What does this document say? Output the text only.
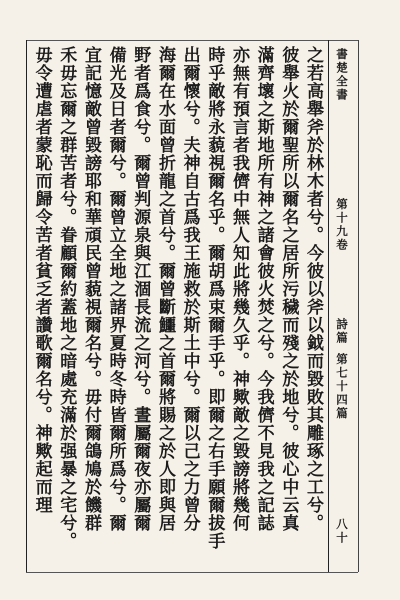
書楚全書
第十九卷
詩篇
第七十四篇
八十
之若高舉斧於林木者兮。今彼以斧以鉞而毀敗其雕琢之工兮。
彼舉火於爾聖所以爾名之居所污穢而殘之於地兮。彼心中云真
滿齊壞之斯地所有神之諸會彼火焚之兮。今我儕不見我之記誌
亦無有預言者我儕中無人知此將幾久乎。神歟敵之毀謗將幾何
時乎敵將永藐視爾名乎。爾胡爲束爾手乎。即爾之右手願爾拔手
出爾懷兮。夫神自古爲我王施救於斯土中兮。爾以己之力曾分
海爾在水面曾折龍之首兮。爾曾斷鱷之首爾將賜之於人即與居
野者爲食兮。爾曾判源泉與江涸長流之河兮。晝屬爾夜亦屬爾
備光及日者爾兮。爾曾立全地之諸界夏時冬時皆爾所爲兮。爾
宜記憶敵曾毀謗耶和華頑民曾藐視爾名兮。毋付爾鴿鳩於饑群
禾毋忘爾之群苦者兮。眷顧爾約蓋地之暗處充滿於强暴之宅兮。
毋令遭虐者蒙恥而歸令苦者貧乏者讚歌爾名兮。神歟起而理
